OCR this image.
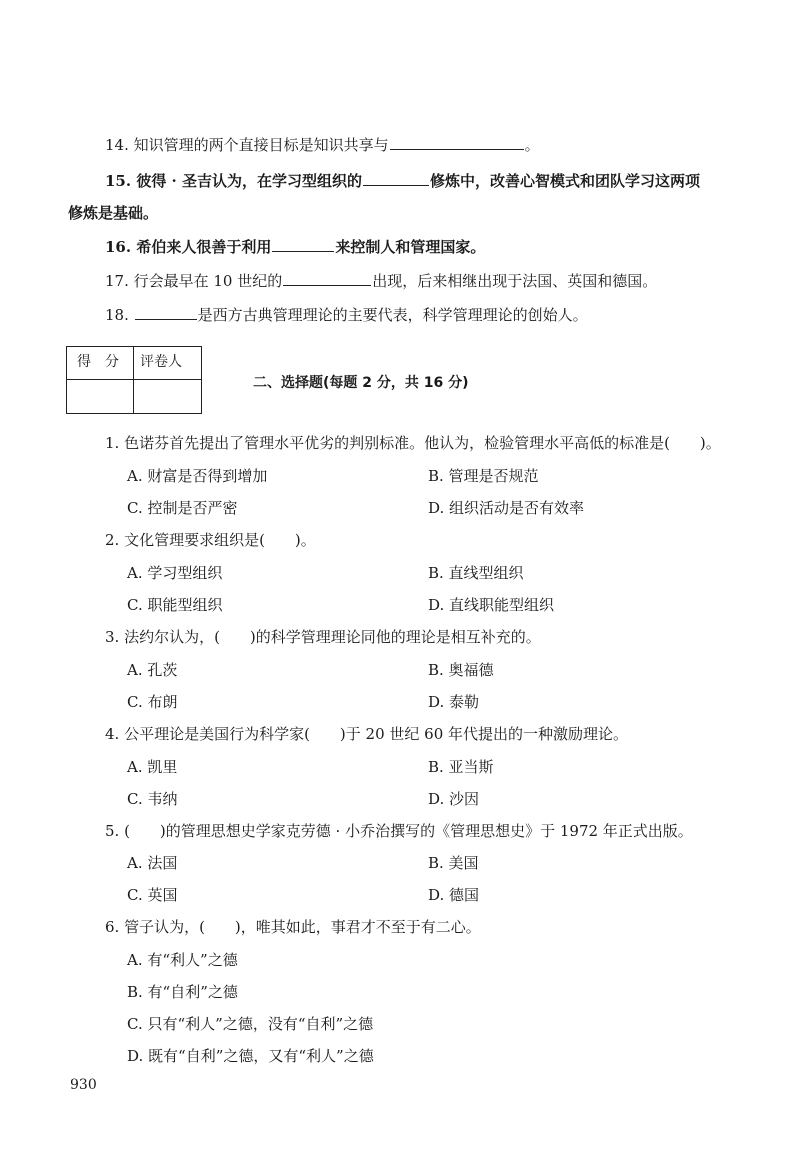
14. 知识管理的两个直接目标是知识共享与	。
15. 彼得 · 圣吉认为，在学习型组织的	修炼中，改善心智模式和团队学习这两项
修炼是基础。
16. 希伯来人很善于利用	来控制人和管理国家。
17. 行会最早在 10 世纪的	出现，后来相继出现于法国、英国和德国。
18.	是西方古典管理理论的主要代表，科学管理理论的创始人。
得　分	评卷人
二、选择题(每题 2 分，共 16 分)
1. 色诺芬首先提出了管理水平优劣的判别标准。他认为，检验管理水平高低的标准是(　　)。
A. 财富是否得到增加	B. 管理是否规范
C. 控制是否严密	D. 组织活动是否有效率
2. 文化管理要求组织是(　　)。
A. 学习型组织	B. 直线型组织
C. 职能型组织	D. 直线职能型组织
3. 法约尔认为，(　　)的科学管理理论同他的理论是相互补充的。
A. 孔茨	B. 奥福德
C. 布朗	D. 泰勒
4. 公平理论是美国行为科学家(　　)于 20 世纪 60 年代提出的一种激励理论。
A. 凯里	B. 亚当斯
C. 韦纳	D. 沙因
5. (　　)的管理思想史学家克劳德 · 小乔治撰写的《管理思想史》于 1972 年正式出版。
A. 法国	B. 美国
C. 英国	D. 德国
6. 管子认为，(　　)，唯其如此，事君才不至于有二心。
A. 有“利人”之德
B. 有“自利”之德
C. 只有“利人”之德，没有“自利”之德
D. 既有“自利”之德，又有“利人”之德
930
